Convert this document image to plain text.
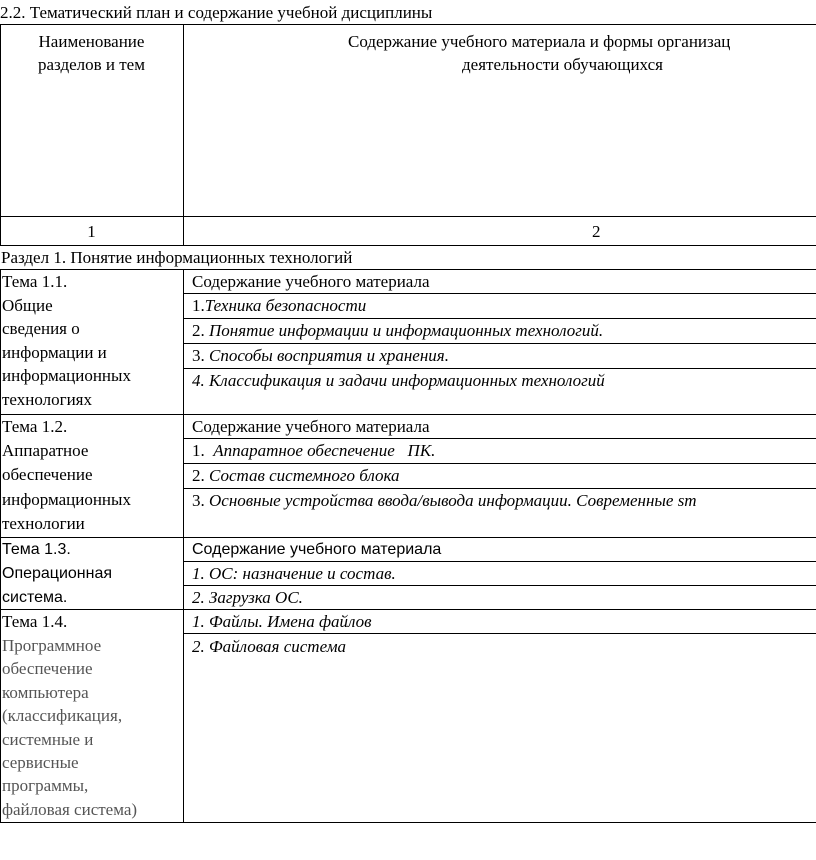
2.2. Тематический план и содержание учебной дисциплины
Наименование
разделов и тем
Содержание учебного материала и формы организац
деятельности обучающихся
1	2
Раздел 1. Понятие информационных технологий
Тема 1.1.
Общие
сведения о
информации и
информационных
технологиях
Содержание учебного материала
1.Техника безопасности
2. Понятие информации и информационных технологий.
3. Способы восприятия и хранения.
4. Классификация и задачи информационных технологий
Тема 1.2.
Аппаратное
обеспечение
информационных
технологии
Содержание учебного материала
1.  Аппаратное обеспечение   ПК.
2. Состав системного блока
3. Основные устройства ввода/вывода информации. Современные sm
Тема 1.3.
Операционная
система.
Содержание учебного материала
1. ОС: назначение и состав.
2. Загрузка ОС.
Тема 1.4.
Программное
обеспечение
компьютера
(классификация,
системные и
сервисные
программы,
файловая система)
1. Файлы. Имена файлов
2. Файловая система
